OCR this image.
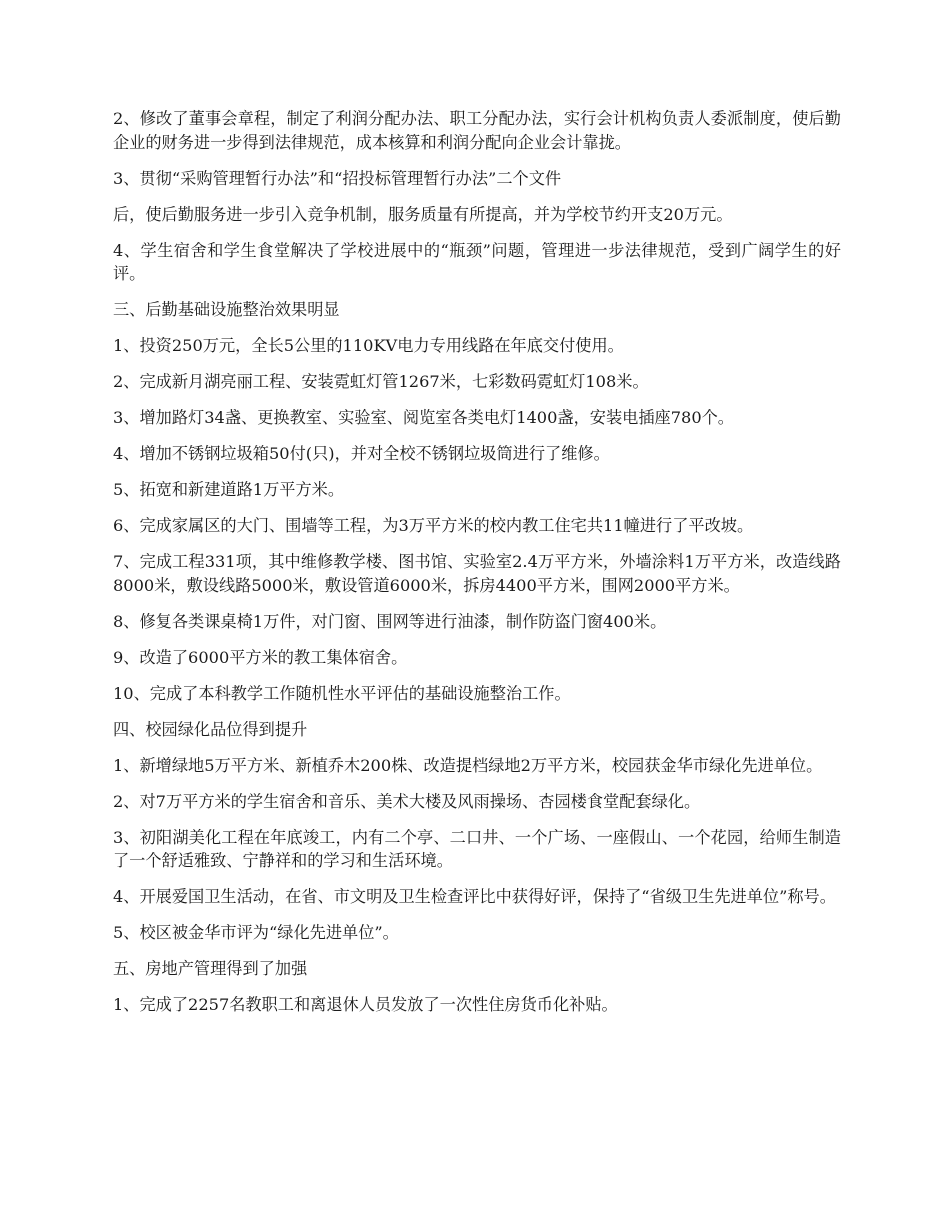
2、修改了董事会章程，制定了利润分配办法、职工分配办法，实行会计机构负责人委派制度，使后勤企业的财务进一步得到法律规范，成本核算和利润分配向企业会计靠拢。

3、贯彻“采购管理暂行办法”和“招投标管理暂行办法”二个文件

后，使后勤服务进一步引入竞争机制，服务质量有所提高，并为学校节约开支20万元。

4、学生宿舍和学生食堂解决了学校进展中的“瓶颈”问题，管理进一步法律规范，受到广阔学生的好评。

三、后勤基础设施整治效果明显

1、投资250万元，全长5公里的110KV电力专用线路在年底交付使用。

2、完成新月湖亮丽工程、安装霓虹灯管1267米，七彩数码霓虹灯108米。

3、增加路灯34盏、更换教室、实验室、阅览室各类电灯1400盏，安装电插座780个。

4、增加不锈钢垃圾箱50付(只)，并对全校不锈钢垃圾筒进行了维修。

5、拓宽和新建道路1万平方米。

6、完成家属区的大门、围墙等工程，为3万平方米的校内教工住宅共11幢进行了平改坡。

7、完成工程331项，其中维修教学楼、图书馆、实验室2.4万平方米，外墙涂料1万平方米，改造线路8000米，敷设线路5000米，敷设管道6000米，拆房4400平方米，围网2000平方米。

8、修复各类课桌椅1万件，对门窗、围网等进行油漆，制作防盗门窗400米。

9、改造了6000平方米的教工集体宿舍。

10、完成了本科教学工作随机性水平评估的基础设施整治工作。

四、校园绿化品位得到提升

1、新增绿地5万平方米、新植乔木200株、改造提档绿地2万平方米，校园获金华市绿化先进单位。

2、对7万平方米的学生宿舍和音乐、美术大楼及风雨操场、杏园楼食堂配套绿化。

3、初阳湖美化工程在年底竣工，内有二个亭、二口井、一个广场、一座假山、一个花园，给师生制造了一个舒适雅致、宁静祥和的学习和生活环境。

4、开展爱国卫生活动，在省、市文明及卫生检查评比中获得好评，保持了“省级卫生先进单位”称号。

5、校区被金华市评为“绿化先进单位”。

五、房地产管理得到了加强

1、完成了2257名教职工和离退休人员发放了一次性住房货币化补贴。
